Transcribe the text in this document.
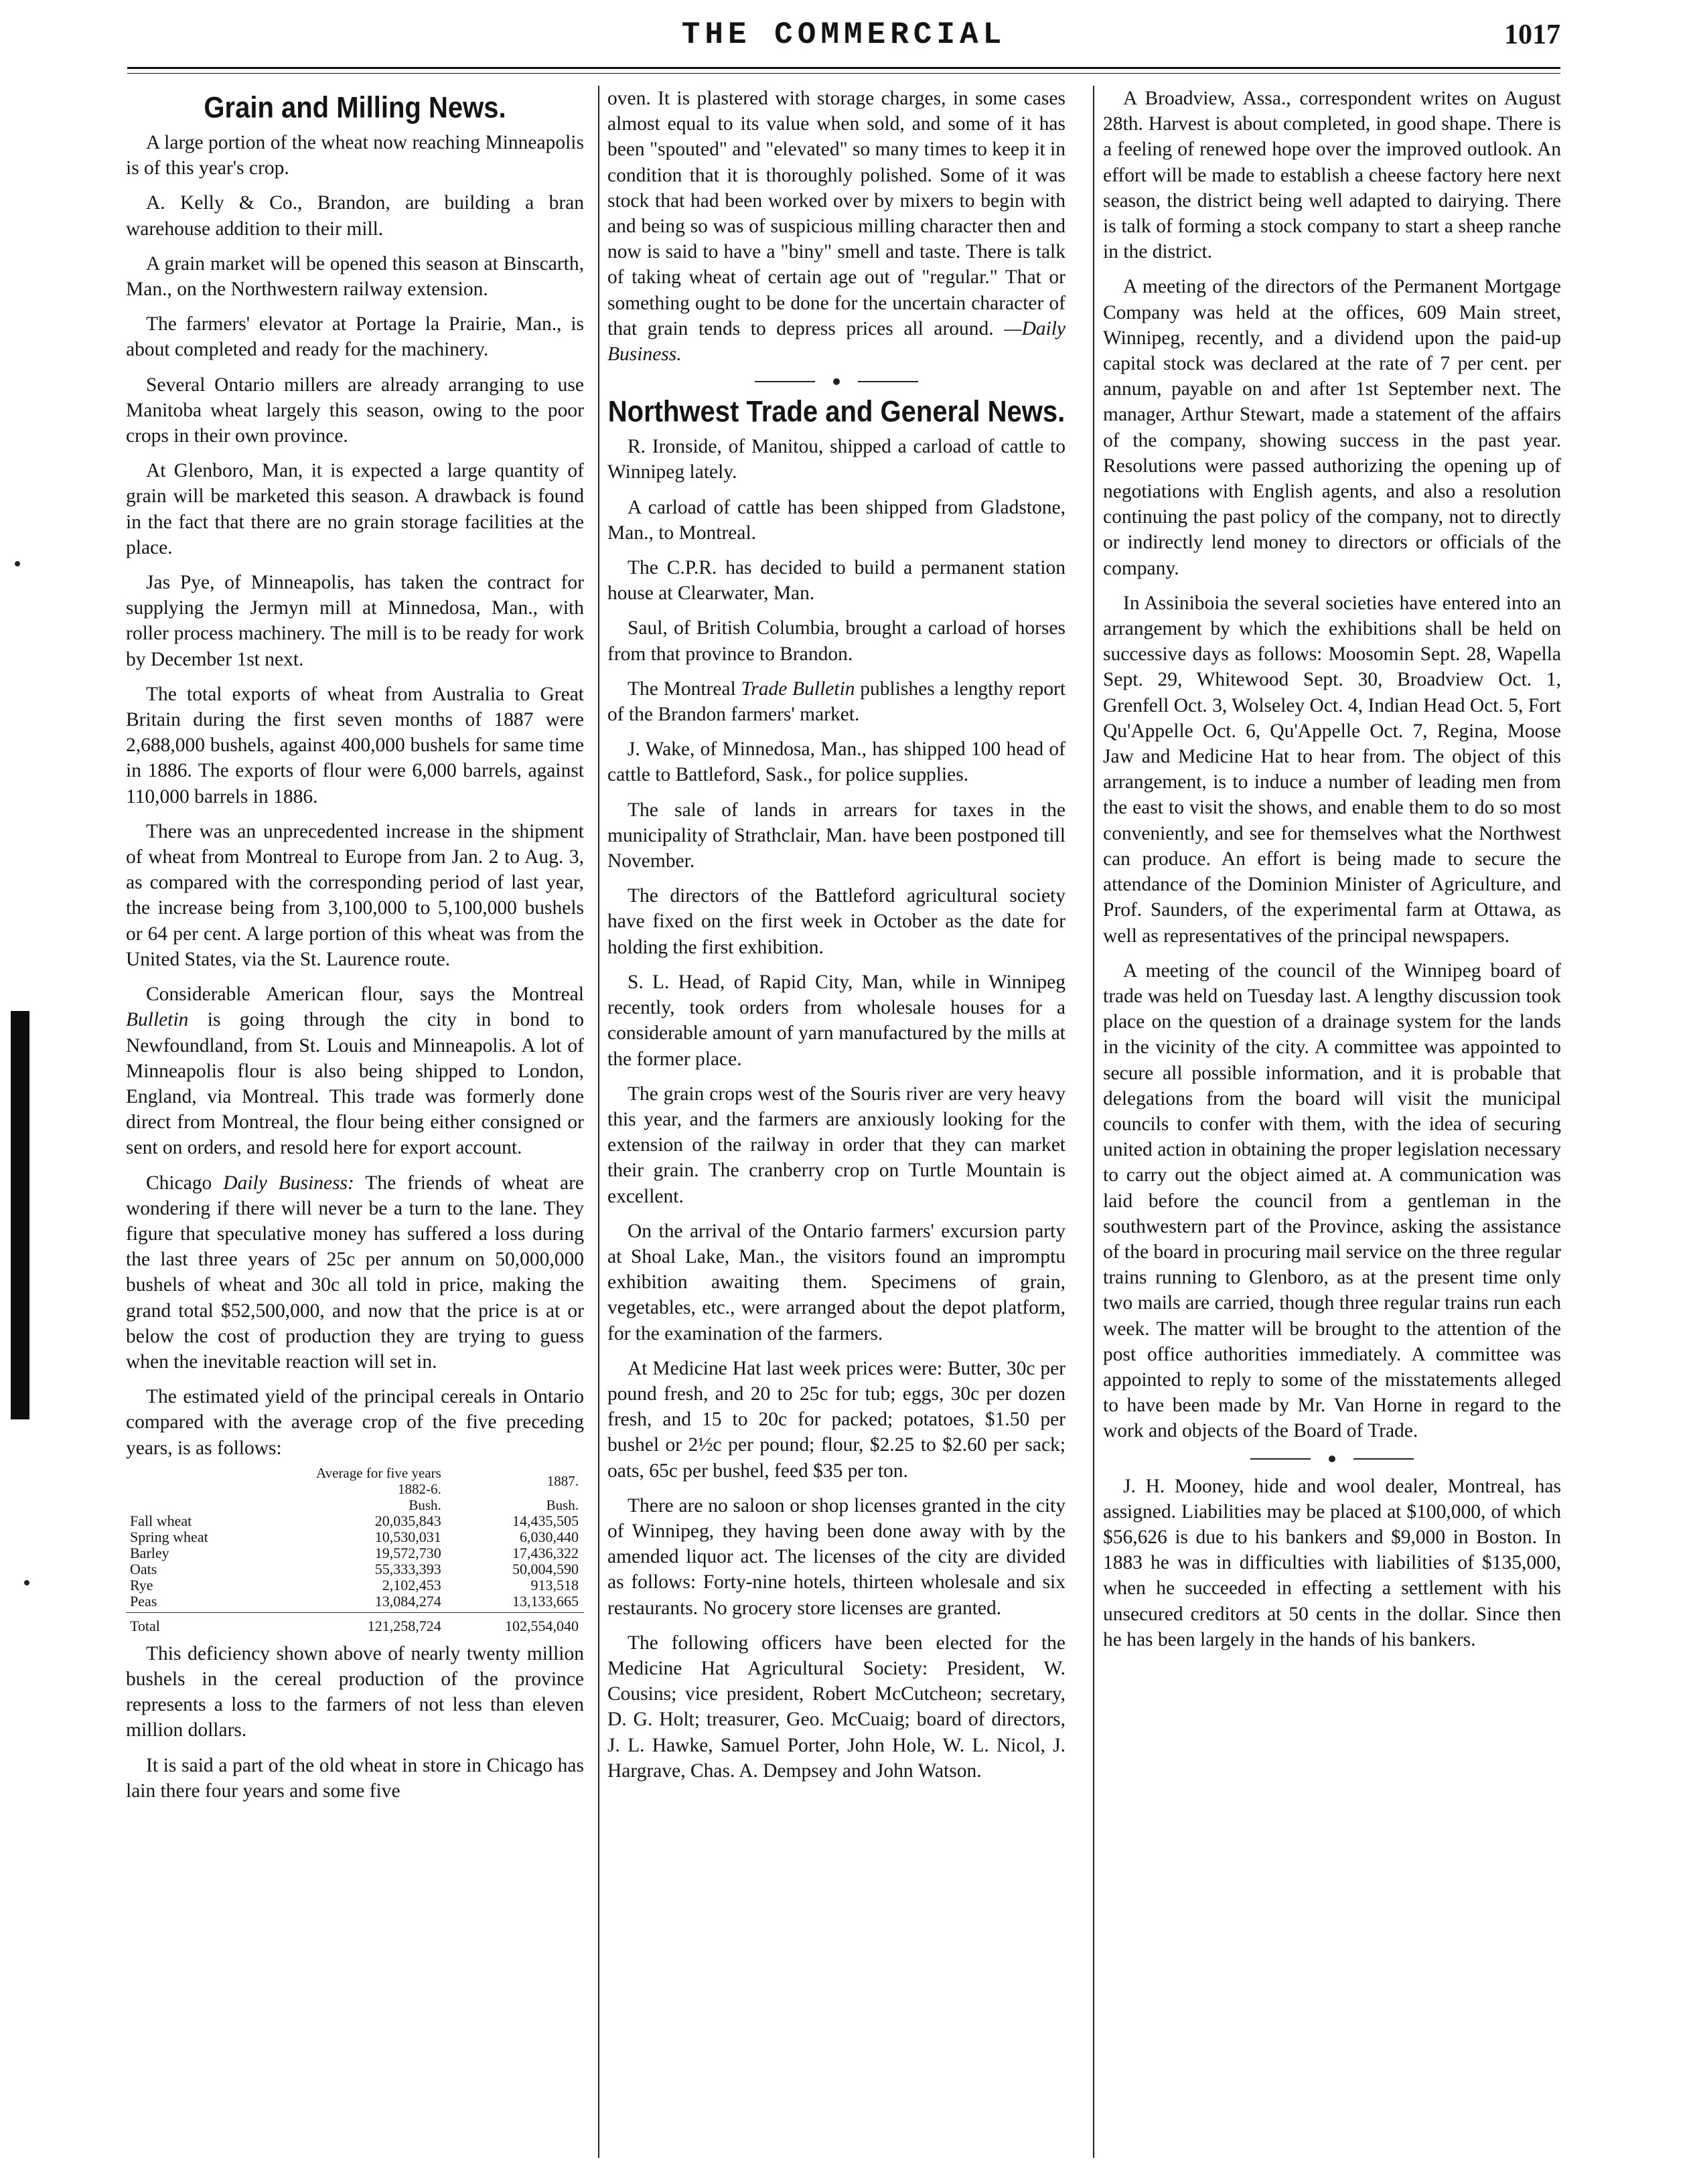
THE COMMERCIAL	1017
Grain and Milling News.

A large portion of the wheat now reaching Minneapolis is of this year's crop.

A. Kelly & Co., Brandon, are building a bran warehouse addition to their mill.

A grain market will be opened this season at Binscarth, Man., on the Northwestern railway extension.

The farmers' elevator at Portage la Prairie, Man., is about completed and ready for the machinery.

Several Ontario millers are already arranging to use Manitoba wheat largely this season, owing to the poor crops in their own province.

At Glenboro, Man, it is expected a large quantity of grain will be marketed this season. A drawback is found in the fact that there are no grain storage facilities at the place.

Jas Pye, of Minneapolis, has taken the contract for supplying the Jermyn mill at Minnedosa, Man., with roller process machinery. The mill is to be ready for work by December 1st next.

The total exports of wheat from Australia to Great Britain during the first seven months of 1887 were 2,688,000 bushels, against 400,000 bushels for same time in 1886. The exports of flour were 6,000 barrels, against 110,000 barrels in 1886.

There was an unprecedented increase in the shipment of wheat from Montreal to Europe from Jan. 2 to Aug. 3, as compared with the corresponding period of last year, the increase being from 3,100,000 to 5,100,000 bushels or 64 per cent. A large portion of this wheat was from the United States, via the St. Laurence route.

Considerable American flour, says the Montreal Bulletin is going through the city in bond to Newfoundland, from St. Louis and Minneapolis. A lot of Minneapolis flour is also being shipped to London, England, via Montreal. This trade was formerly done direct from Montreal, the flour being either consigned or sent on orders, and resold here for export account.

Chicago Daily Business: The friends of wheat are wondering if there will never be a turn to the lane. They figure that speculative money has suffered a loss during the last three years of 25c per annum on 50,000,000 bushels of wheat and 30c all told in price, making the grand total $52,500,000, and now that the price is at or below the cost of production they are trying to guess when the inevitable reaction will set in.

The estimated yield of the principal cereals in Ontario compared with the average crop of the five preceding years, is as follows:

	Average for five years 1882-6.	1887.
	Bush.	Bush.
Fall wheat	20,035,843	14,435,505
Spring wheat	10,530,031	6,030,440
Barley	19,572,730	17,436,322
Oats	55,333,393	50,004,590
Rye	2,102,453	913,518
Peas	13,084,274	13,133,665

Total	121,258,724	102,554,040

This deficiency shown above of nearly twenty million bushels in the cereal production of the province represents a loss to the farmers of not less than eleven million dollars.

It is said a part of the old wheat in store in Chicago has lain there four years and some five

oven. It is plastered with storage charges, in some cases almost equal to its value when sold, and some of it has been "spouted" and "elevated" so many times to keep it in condition that it is thoroughly polished. Some of it was stock that had been worked over by mixers to begin with and being so was of suspicious milling character then and now is said to have a "biny" smell and taste. There is talk of taking wheat of certain age out of "regular." That or something ought to be done for the uncertain character of that grain tends to depress prices all around. —Daily Business.

Northwest Trade and General News.

R. Ironside, of Manitou, shipped a carload of cattle to Winnipeg lately.

A carload of cattle has been shipped from Gladstone, Man., to Montreal.

The C.P.R. has decided to build a permanent station house at Clearwater, Man.

Saul, of British Columbia, brought a carload of horses from that province to Brandon.

The Montreal Trade Bulletin publishes a lengthy report of the Brandon farmers' market.

J. Wake, of Minnedosa, Man., has shipped 100 head of cattle to Battleford, Sask., for police supplies.

The sale of lands in arrears for taxes in the municipality of Strathclair, Man. have been postponed till November.

The directors of the Battleford agricultural society have fixed on the first week in October as the date for holding the first exhibition.

S. L. Head, of Rapid City, Man, while in Winnipeg recently, took orders from wholesale houses for a considerable amount of yarn manufactured by the mills at the former place.

The grain crops west of the Souris river are very heavy this year, and the farmers are anxiously looking for the extension of the railway in order that they can market their grain. The cranberry crop on Turtle Mountain is excellent.

On the arrival of the Ontario farmers' excursion party at Shoal Lake, Man., the visitors found an impromptu exhibition awaiting them. Specimens of grain, vegetables, etc., were arranged about the depot platform, for the examination of the farmers.

At Medicine Hat last week prices were: Butter, 30c per pound fresh, and 20 to 25c for tub; eggs, 30c per dozen fresh, and 15 to 20c for packed; potatoes, $1.50 per bushel or 2½c per pound; flour, $2.25 to $2.60 per sack; oats, 65c per bushel, feed $35 per ton.

There are no saloon or shop licenses granted in the city of Winnipeg, they having been done away with by the amended liquor act. The licenses of the city are divided as follows: Forty-nine hotels, thirteen wholesale and six restaurants. No grocery store licenses are granted.

The following officers have been elected for the Medicine Hat Agricultural Society: President, W. Cousins; vice president, Robert McCutcheon; secretary, D. G. Holt; treasurer, Geo. McCuaig; board of directors, J. L. Hawke, Samuel Porter, John Hole, W. L. Nicol, J. Hargrave, Chas. A. Dempsey and John Watson.

A Broadview, Assa., correspondent writes on August 28th. Harvest is about completed, in good shape. There is a feeling of renewed hope over the improved outlook. An effort will be made to establish a cheese factory here next season, the district being well adapted to dairying. There is talk of forming a stock company to start a sheep ranche in the district.

A meeting of the directors of the Permanent Mortgage Company was held at the offices, 609 Main street, Winnipeg, recently, and a dividend upon the paid-up capital stock was declared at the rate of 7 per cent. per annum, payable on and after 1st September next. The manager, Arthur Stewart, made a statement of the affairs of the company, showing success in the past year. Resolutions were passed authorizing the opening up of negotiations with English agents, and also a resolution continuing the past policy of the company, not to directly or indirectly lend money to directors or officials of the company.

In Assiniboia the several societies have entered into an arrangement by which the exhibitions shall be held on successive days as follows: Moosomin Sept. 28, Wapella Sept. 29, Whitewood Sept. 30, Broadview Oct. 1, Grenfell Oct. 3, Wolseley Oct. 4, Indian Head Oct. 5, Fort Qu'Appelle Oct. 6, Qu'Appelle Oct. 7, Regina, Moose Jaw and Medicine Hat to hear from. The object of this arrangement, is to induce a number of leading men from the east to visit the shows, and enable them to do so most conveniently, and see for themselves what the Northwest can produce. An effort is being made to secure the attendance of the Dominion Minister of Agriculture, and Prof. Saunders, of the experimental farm at Ottawa, as well as representatives of the principal newspapers.

A meeting of the council of the Winnipeg board of trade was held on Tuesday last. A lengthy discussion took place on the question of a drainage system for the lands in the vicinity of the city. A committee was appointed to secure all possible information, and it is probable that delegations from the board will visit the municipal councils to confer with them, with the idea of securing united action in obtaining the proper legislation necessary to carry out the object aimed at. A communication was laid before the council from a gentleman in the southwestern part of the Province, asking the assistance of the board in procuring mail service on the three regular trains running to Glenboro, as at the present time only two mails are carried, though three regular trains run each week. The matter will be brought to the attention of the post office authorities immediately. A committee was appointed to reply to some of the misstatements alleged to have been made by Mr. Van Horne in regard to the work and objects of the Board of Trade.

J. H. Mooney, hide and wool dealer, Montreal, has assigned. Liabilities may be placed at $100,000, of which $56,626 is due to his bankers and $9,000 in Boston. In 1883 he was in difficulties with liabilities of $135,000, when he succeeded in effecting a settlement with his unsecured creditors at 50 cents in the dollar. Since then he has been largely in the hands of his bankers.
